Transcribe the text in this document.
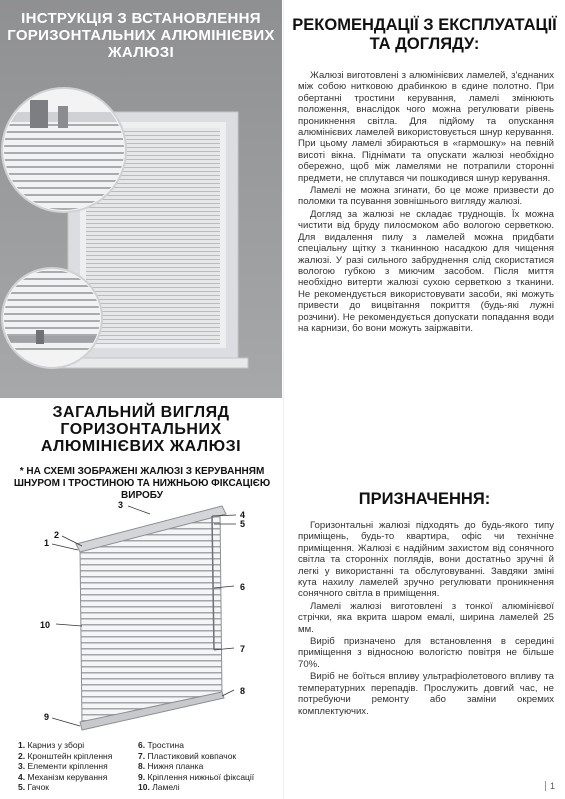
ІНСТРУКЦІЯ З ВСТАНОВЛЕННЯ ГОРИЗОНТАЛЬНИХ АЛЮМІНІЄВИХ ЖАЛЮЗІ
ЗАГАЛЬНИЙ ВИГЛЯД ГОРИЗОНТАЛЬНИХ АЛЮМІНІЄВИХ ЖАЛЮЗІ
* НА СХЕМІ ЗОБРАЖЕНІ ЖАЛЮЗІ З КЕРУВАННЯМ ШНУРОМ І ТРОСТИНОЮ ТА НИЖНЬОЮ ФІКСАЦІЄЮ ВИРОБУ
3
4
5
1
2
6
10
7
8
9
1. Карниз у зборі
2. Кронштейн кріплення
3. Елементи кріплення
4. Механізм керування
5. Гачок
6. Тростина
7. Пластиковий ковпачок
8. Нижня планка
9. Кріплення нижньої фіксації
10. Ламелі
РЕКОМЕНДАЦІЇ З ЕКСПЛУАТАЦІЇ ТА ДОГЛЯДУ:

Жалюзі виготовлені з алюмінієвих ламелей, з'єднаних між собою нитковою драбинкою в єдине полотно. При обертанні тростини керування, ламелі змінюють положення, внаслідок чого можна регулювати рівень проникнення світла. Для підйому та опускання алюмінієвих ламелей використовується шнур керування. При цьому ламелі збираються в «гармошку» на певній висоті вікна. Піднімати та опускати жалюзі необхідно обережно, щоб між ламелями не потрапили сторонні предмети, не сплутався чи пошкодився шнур керування.

Ламелі не можна згинати, бо це може призвести до поломки та псування зовнішнього вигляду жалюзі.

Догляд за жалюзі не складає труднощів. Їх можна чистити від бруду пилосмоком або вологою серветкою. Для видалення пилу з ламелей можна придбати спеціальну щітку з тканинною насадкою для чищення жалюзі. У разі сильного забруднення слід скористатися вологою губкою з миючим засобом. Після миття необхідно витерти жалюзі сухою серветкою з тканини. Не рекомендується використовувати засоби, які можуть привести до вицвітання покриття (будь-які лужні розчини). Не рекомендується допускати попадання води на карнизи, бо вони можуть заіржавіти.

ПРИЗНАЧЕННЯ:

Горизонтальні жалюзі підходять до будь-якого типу приміщень, будь-то квартира, офіс чи технічне приміщення. Жалюзі є надійним захистом від сонячного світла та сторонніх поглядів, вони достатньо зручні й легкі у використанні та обслуговуванні. Завдяки зміні кута нахилу ламелей зручно регулювати проникнення сонячного світла в приміщення.

Ламелі жалюзі виготовлені з тонкої алюмінієвої стрічки, яка вкрита шаром емалі, ширина ламелей 25 мм.

Виріб призначено для встановлення в середині приміщення з відносною вологістю повітря не більше 70%.

Виріб не боїться впливу ультрафіолетового впливу та температурних перепадів. Прослужить довгий час, не потребуючи ремонту або заміни окремих комплектуючих.

1
